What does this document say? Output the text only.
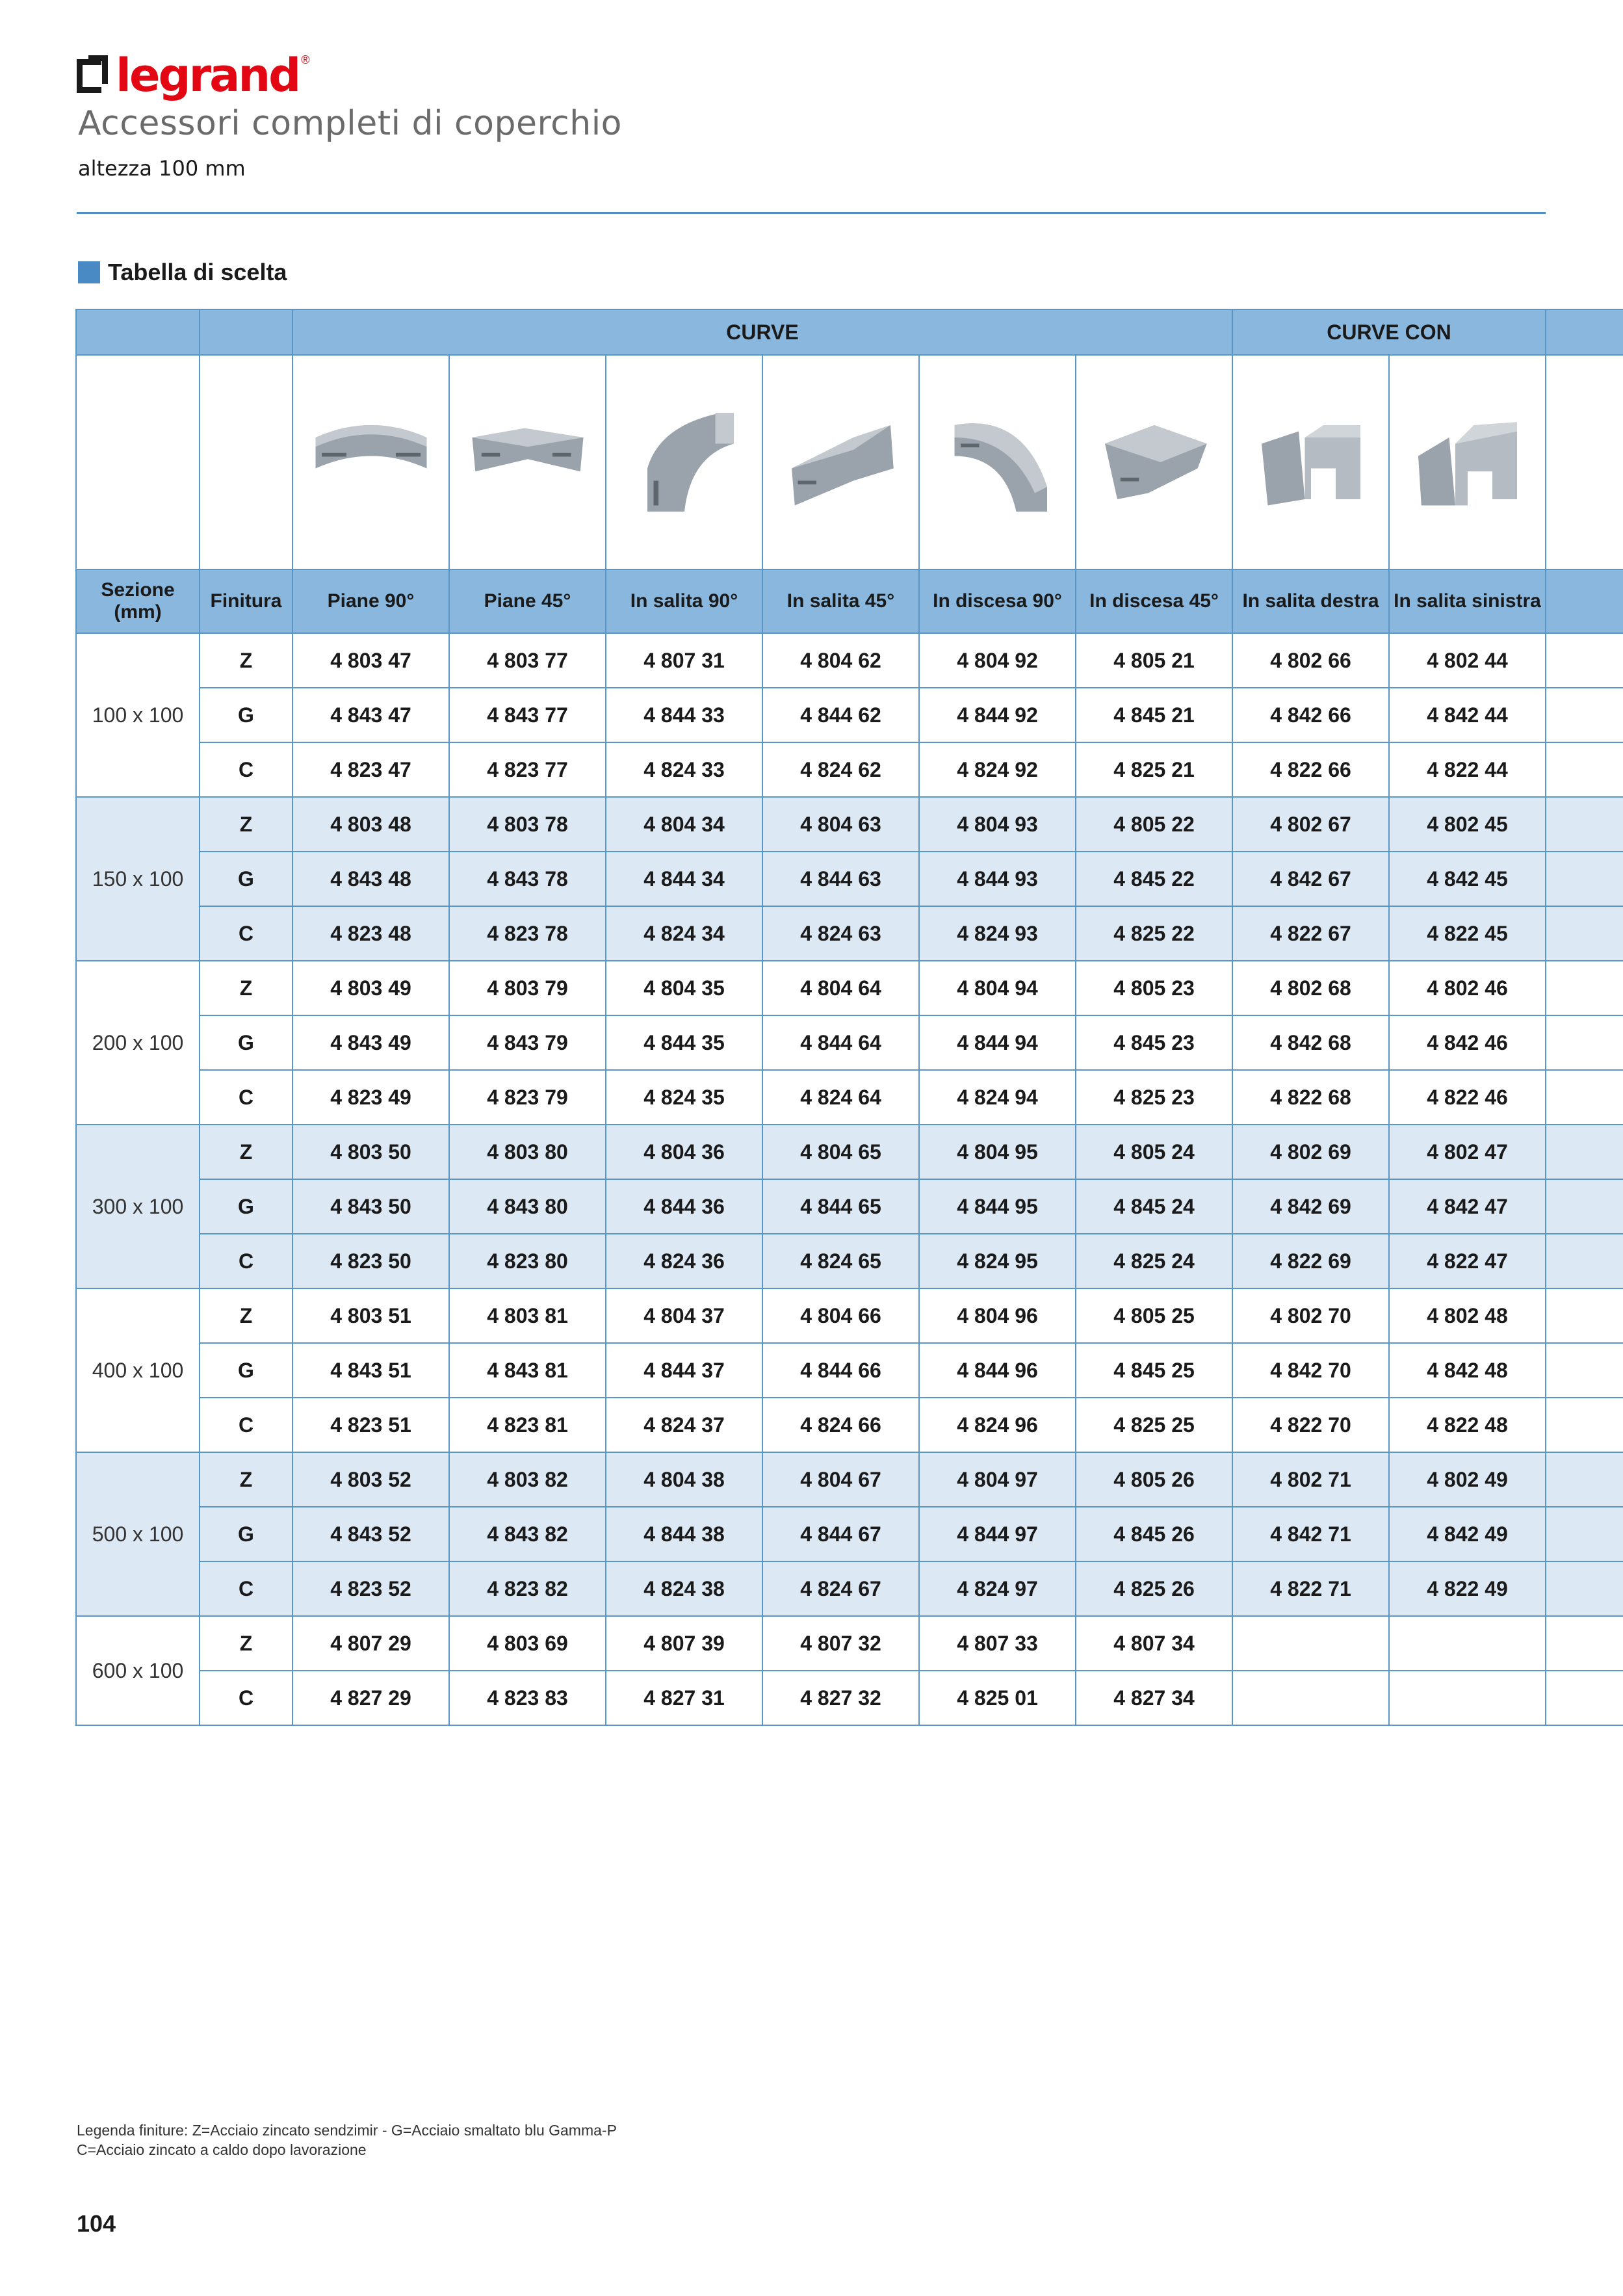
legrand ®
Accessori completi di coperchio
altezza 100 mm
Tabella di scelta
		CURVE						CURVE CON		

Sezione (mm)	Finitura	Piane 90°	Piane 45°	In salita 90°	In salita 45°	In discesa 90°	In discesa 45°	In salita destra	In salita sinistra	
100 x 100	Z	4 803 47	4 803 77	4 807 31	4 804 62	4 804 92	4 805 21	4 802 66	4 802 44	
	G	4 843 47	4 843 77	4 844 33	4 844 62	4 844 92	4 845 21	4 842 66	4 842 44	
	C	4 823 47	4 823 77	4 824 33	4 824 62	4 824 92	4 825 21	4 822 66	4 822 44	
150 x 100	Z	4 803 48	4 803 78	4 804 34	4 804 63	4 804 93	4 805 22	4 802 67	4 802 45	
	G	4 843 48	4 843 78	4 844 34	4 844 63	4 844 93	4 845 22	4 842 67	4 842 45	
	C	4 823 48	4 823 78	4 824 34	4 824 63	4 824 93	4 825 22	4 822 67	4 822 45	
200 x 100	Z	4 803 49	4 803 79	4 804 35	4 804 64	4 804 94	4 805 23	4 802 68	4 802 46	
	G	4 843 49	4 843 79	4 844 35	4 844 64	4 844 94	4 845 23	4 842 68	4 842 46	
	C	4 823 49	4 823 79	4 824 35	4 824 64	4 824 94	4 825 23	4 822 68	4 822 46	
300 x 100	Z	4 803 50	4 803 80	4 804 36	4 804 65	4 804 95	4 805 24	4 802 69	4 802 47	
	G	4 843 50	4 843 80	4 844 36	4 844 65	4 844 95	4 845 24	4 842 69	4 842 47	
	C	4 823 50	4 823 80	4 824 36	4 824 65	4 824 95	4 825 24	4 822 69	4 822 47	
400 x 100	Z	4 803 51	4 803 81	4 804 37	4 804 66	4 804 96	4 805 25	4 802 70	4 802 48	
	G	4 843 51	4 843 81	4 844 37	4 844 66	4 844 96	4 845 25	4 842 70	4 842 48	
	C	4 823 51	4 823 81	4 824 37	4 824 66	4 824 96	4 825 25	4 822 70	4 822 48	
500 x 100	Z	4 803 52	4 803 82	4 804 38	4 804 67	4 804 97	4 805 26	4 802 71	4 802 49	
	G	4 843 52	4 843 82	4 844 38	4 844 67	4 844 97	4 845 26	4 842 71	4 842 49	
	C	4 823 52	4 823 82	4 824 38	4 824 67	4 824 97	4 825 26	4 822 71	4 822 49	
600 x 100	Z	4 807 29	4 803 69	4 807 39	4 807 32	4 807 33	4 807 34			
	C	4 827 29	4 823 83	4 827 31	4 827 32	4 825 01	4 827 34			
Legenda finiture: Z=Acciaio zincato sendzimir - G=Acciaio smaltato blu Gamma-P
C=Acciaio zincato a caldo dopo lavorazione
104
